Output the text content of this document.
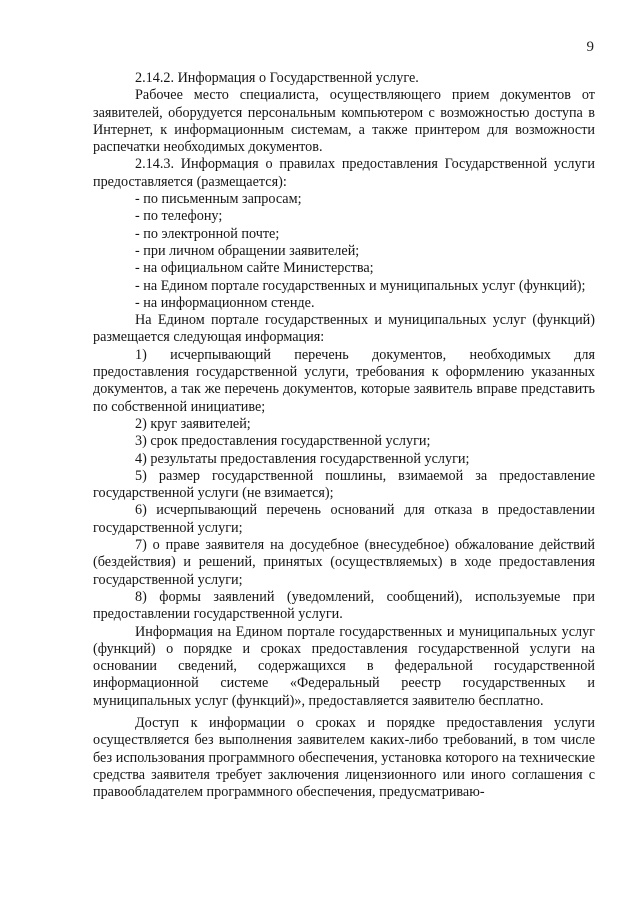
9

2.14.2. Информация о Государственной услуге.

Рабочее место специалиста, осуществляющего прием документов от заявителей, оборудуется персональным компьютером с возможностью доступа в Интернет, к информационным системам, а также принтером для возможности распечатки необходимых документов.

2.14.3. Информация о правилах предоставления Государственной услуги предоставляется (размещается):

- по письменным запросам;

- по телефону;

- по электронной почте;

- при личном обращении заявителей;

- на официальном сайте Министерства;

- на Едином портале государственных и муниципальных услуг (функций);

- на информационном стенде.

На Едином портале государственных и муниципальных услуг (функций) размещается следующая информация:

1) исчерпывающий перечень документов, необходимых для предоставления государственной услуги, требования к оформлению указанных документов, а так же перечень документов, которые заявитель вправе представить по собственной инициативе;

2) круг заявителей;

3) срок предоставления государственной услуги;

4) результаты предоставления государственной услуги;

5) размер государственной пошлины, взимаемой за предоставление государственной услуги (не взимается);

6) исчерпывающий перечень оснований для отказа в предоставлении государственной услуги;

7) о праве заявителя на досудебное (внесудебное) обжалование действий (бездействия) и решений, принятых (осуществляемых) в ходе предоставления государственной услуги;

8) формы заявлений (уведомлений, сообщений), используемые при предоставлении государственной услуги.

Информация на Едином портале государственных и муниципальных услуг (функций) о порядке и сроках предоставления государственной услуги на основании сведений, содержащихся в федеральной государственной информационной системе «Федеральный реестр государственных и муниципальных услуг (функций)», предоставляется заявителю бесплатно.

Доступ к информации о сроках и порядке предоставления услуги осуществляется без выполнения заявителем каких-либо требований, в том числе без использования программного обеспечения, установка которого на технические средства заявителя требует заключения лицензионного или иного соглашения с правообладателем программного обеспечения, предусматриваю-
